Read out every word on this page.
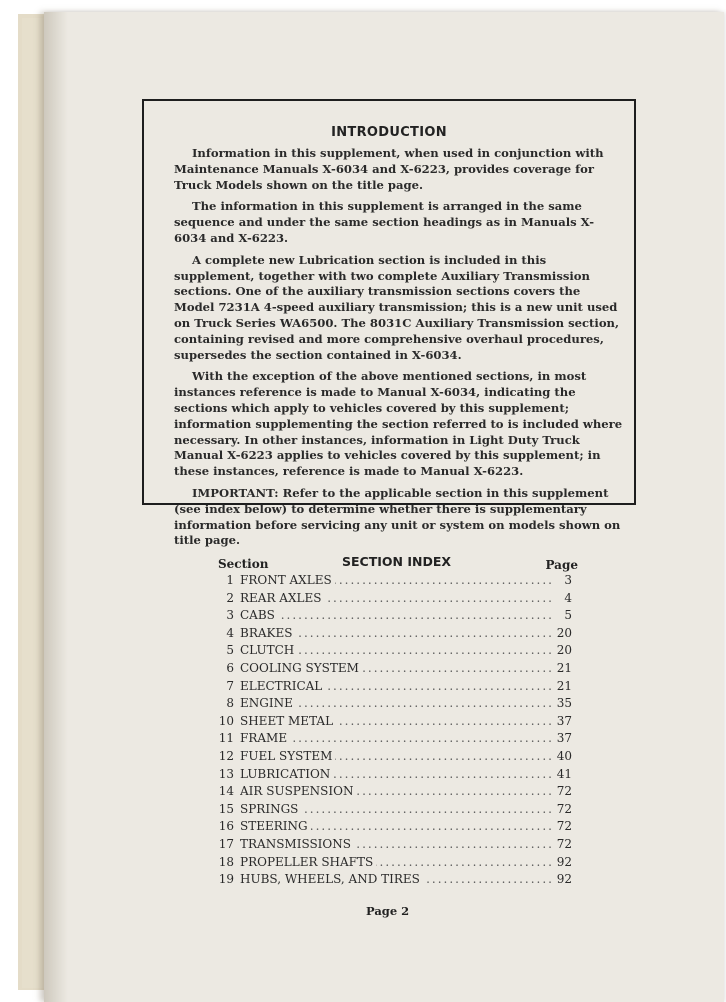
INTRODUCTION

Information in this supplement, when used in conjunction with Maintenance Manuals X-6034 and X-6223, provides coverage for Truck Models shown on the title page.

The information in this supplement is arranged in the same sequence and under the same section headings as in Manuals X-6034 and X-6223.

A complete new Lubrication section is included in this supplement, together with two complete Auxiliary Transmission sections. One of the auxiliary transmission sections covers the Model 7231A 4-speed auxiliary transmission; this is a new unit used on Truck Series WA6500. The 8031C Auxiliary Transmission section, containing revised and more comprehensive overhaul procedures, supersedes the section contained in X-6034.

With the exception of the above mentioned sections, in most instances reference is made to Manual X-6034, indicating the sections which apply to vehicles covered by this supplement; information supplementing the section referred to is included where necessary. In other instances, information in Light Duty Truck Manual X-6223 applies to vehicles covered by this supplement; in these instances, reference is made to Manual X-6223.

IMPORTANT: Refer to the applicable section in this supplement (see index below) to determine whether there is supplementary information before servicing any unit or system on models shown on title page.

Section	SECTION INDEX	Page
1 FRONT AXLES .....	3
2 REAR AXLES .....	4
3 CABS .....	5
4 BRAKES .....	20
5 CLUTCH .....	20
6 COOLING SYSTEM .....	21
7 ELECTRICAL .....	21
8 ENGINE .....	35
10 SHEET METAL .....	37
11 FRAME .....	37
12 FUEL SYSTEM .....	40
13 LUBRICATION .....	41
14 AIR SUSPENSION .....	72
15 SPRINGS .....	72
16 STEERING .....	72
17 TRANSMISSIONS .....	72
18 PROPELLER SHAFTS .....	92
19 HUBS, WHEELS, AND TIRES .....	92
Page 2
